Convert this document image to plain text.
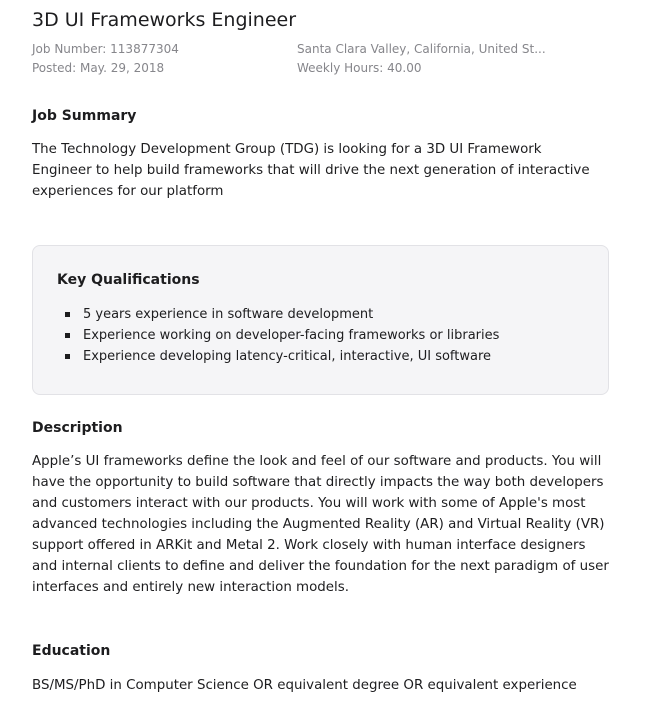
3D UI Frameworks Engineer
Job Number: 113877304
Posted: May. 29, 2018
Santa Clara Valley, California, United St...
Weekly Hours: 40.00
Job Summary

The Technology Development Group (TDG) is looking for a 3D UI Framework Engineer to help build frameworks that will drive the next generation of interactive experiences for our platform

Key Qualifications
5 years experience in software development
Experience working on developer-facing frameworks or libraries
Experience developing latency-critical, interactive, UI software
Description

Apple’s UI frameworks define the look and feel of our software and products. You will have the opportunity to build software that directly impacts the way both developers and customers interact with our products. You will work with some of Apple's most advanced technologies including the Augmented Reality (AR) and Virtual Reality (VR) support offered in ARKit and Metal 2. Work closely with human interface designers and internal clients to define and deliver the foundation for the next paradigm of user interfaces and entirely new interaction models.

Education

BS/MS/PhD in Computer Science OR equivalent degree OR equivalent experience
